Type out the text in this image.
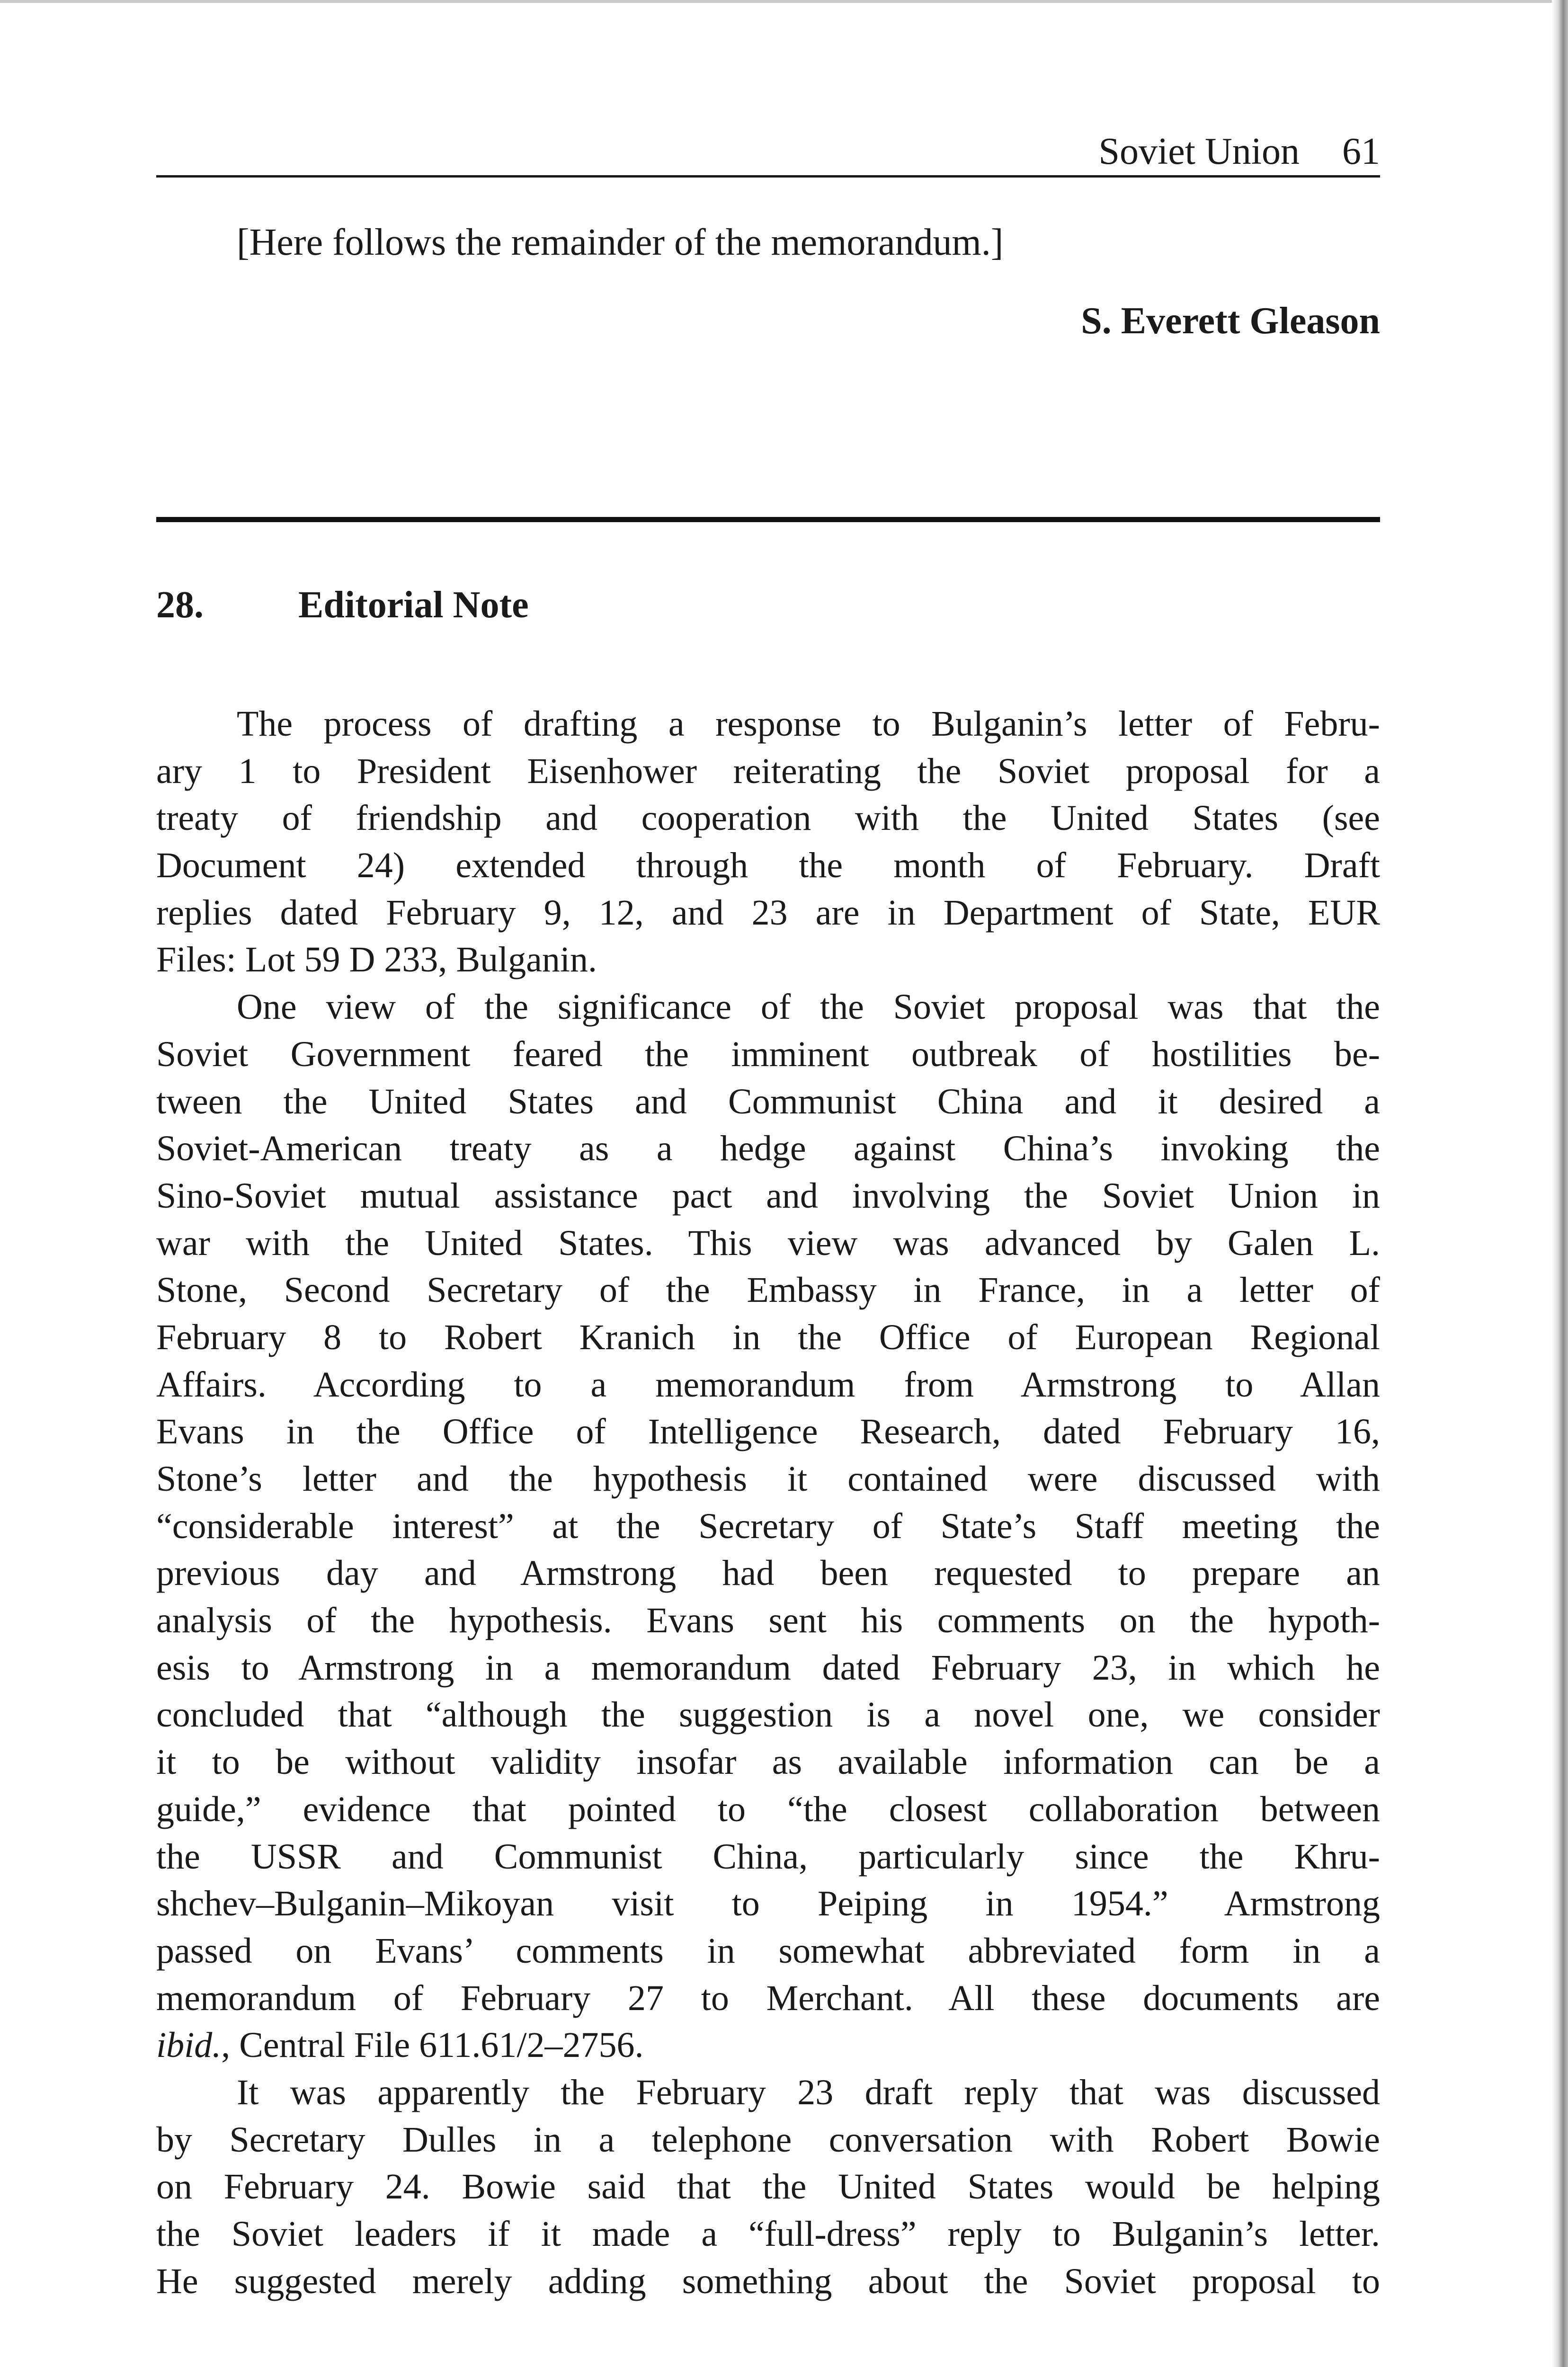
Soviet Union 61
[Here follows the remainder of the memorandum.]
S. Everett Gleason
28.	Editorial Note
The process of drafting a response to Bulganin’s letter of Febru-
ary 1 to President Eisenhower reiterating the Soviet proposal for a
treaty of friendship and cooperation with the United States (see
Document 24) extended through the month of February. Draft
replies dated February 9, 12, and 23 are in Department of State, EUR
Files: Lot 59 D 233, Bulganin.
One view of the significance of the Soviet proposal was that the
Soviet Government feared the imminent outbreak of hostilities be-
tween the United States and Communist China and it desired a
Soviet-American treaty as a hedge against China’s invoking the
Sino-Soviet mutual assistance pact and involving the Soviet Union in
war with the United States. This view was advanced by Galen L.
Stone, Second Secretary of the Embassy in France, in a letter of
February 8 to Robert Kranich in the Office of European Regional
Affairs. According to a memorandum from Armstrong to Allan
Evans in the Office of Intelligence Research, dated February 16,
Stone’s letter and the hypothesis it contained were discussed with
“considerable interest” at the Secretary of State’s Staff meeting the
previous day and Armstrong had been requested to prepare an
analysis of the hypothesis. Evans sent his comments on the hypoth-
esis to Armstrong in a memorandum dated February 23, in which he
concluded that “although the suggestion is a novel one, we consider
it to be without validity insofar as available information can be a
guide,” evidence that pointed to “the closest collaboration between
the USSR and Communist China, particularly since the Khru-
shchev–Bulganin–Mikoyan visit to Peiping in 1954.” Armstrong
passed on Evans’ comments in somewhat abbreviated form in a
memorandum of February 27 to Merchant. All these documents are
ibid., Central File 611.61/2–2756.
It was apparently the February 23 draft reply that was discussed
by Secretary Dulles in a telephone conversation with Robert Bowie
on February 24. Bowie said that the United States would be helping
the Soviet leaders if it made a “full-dress” reply to Bulganin’s letter.
He suggested merely adding something about the Soviet proposal to
